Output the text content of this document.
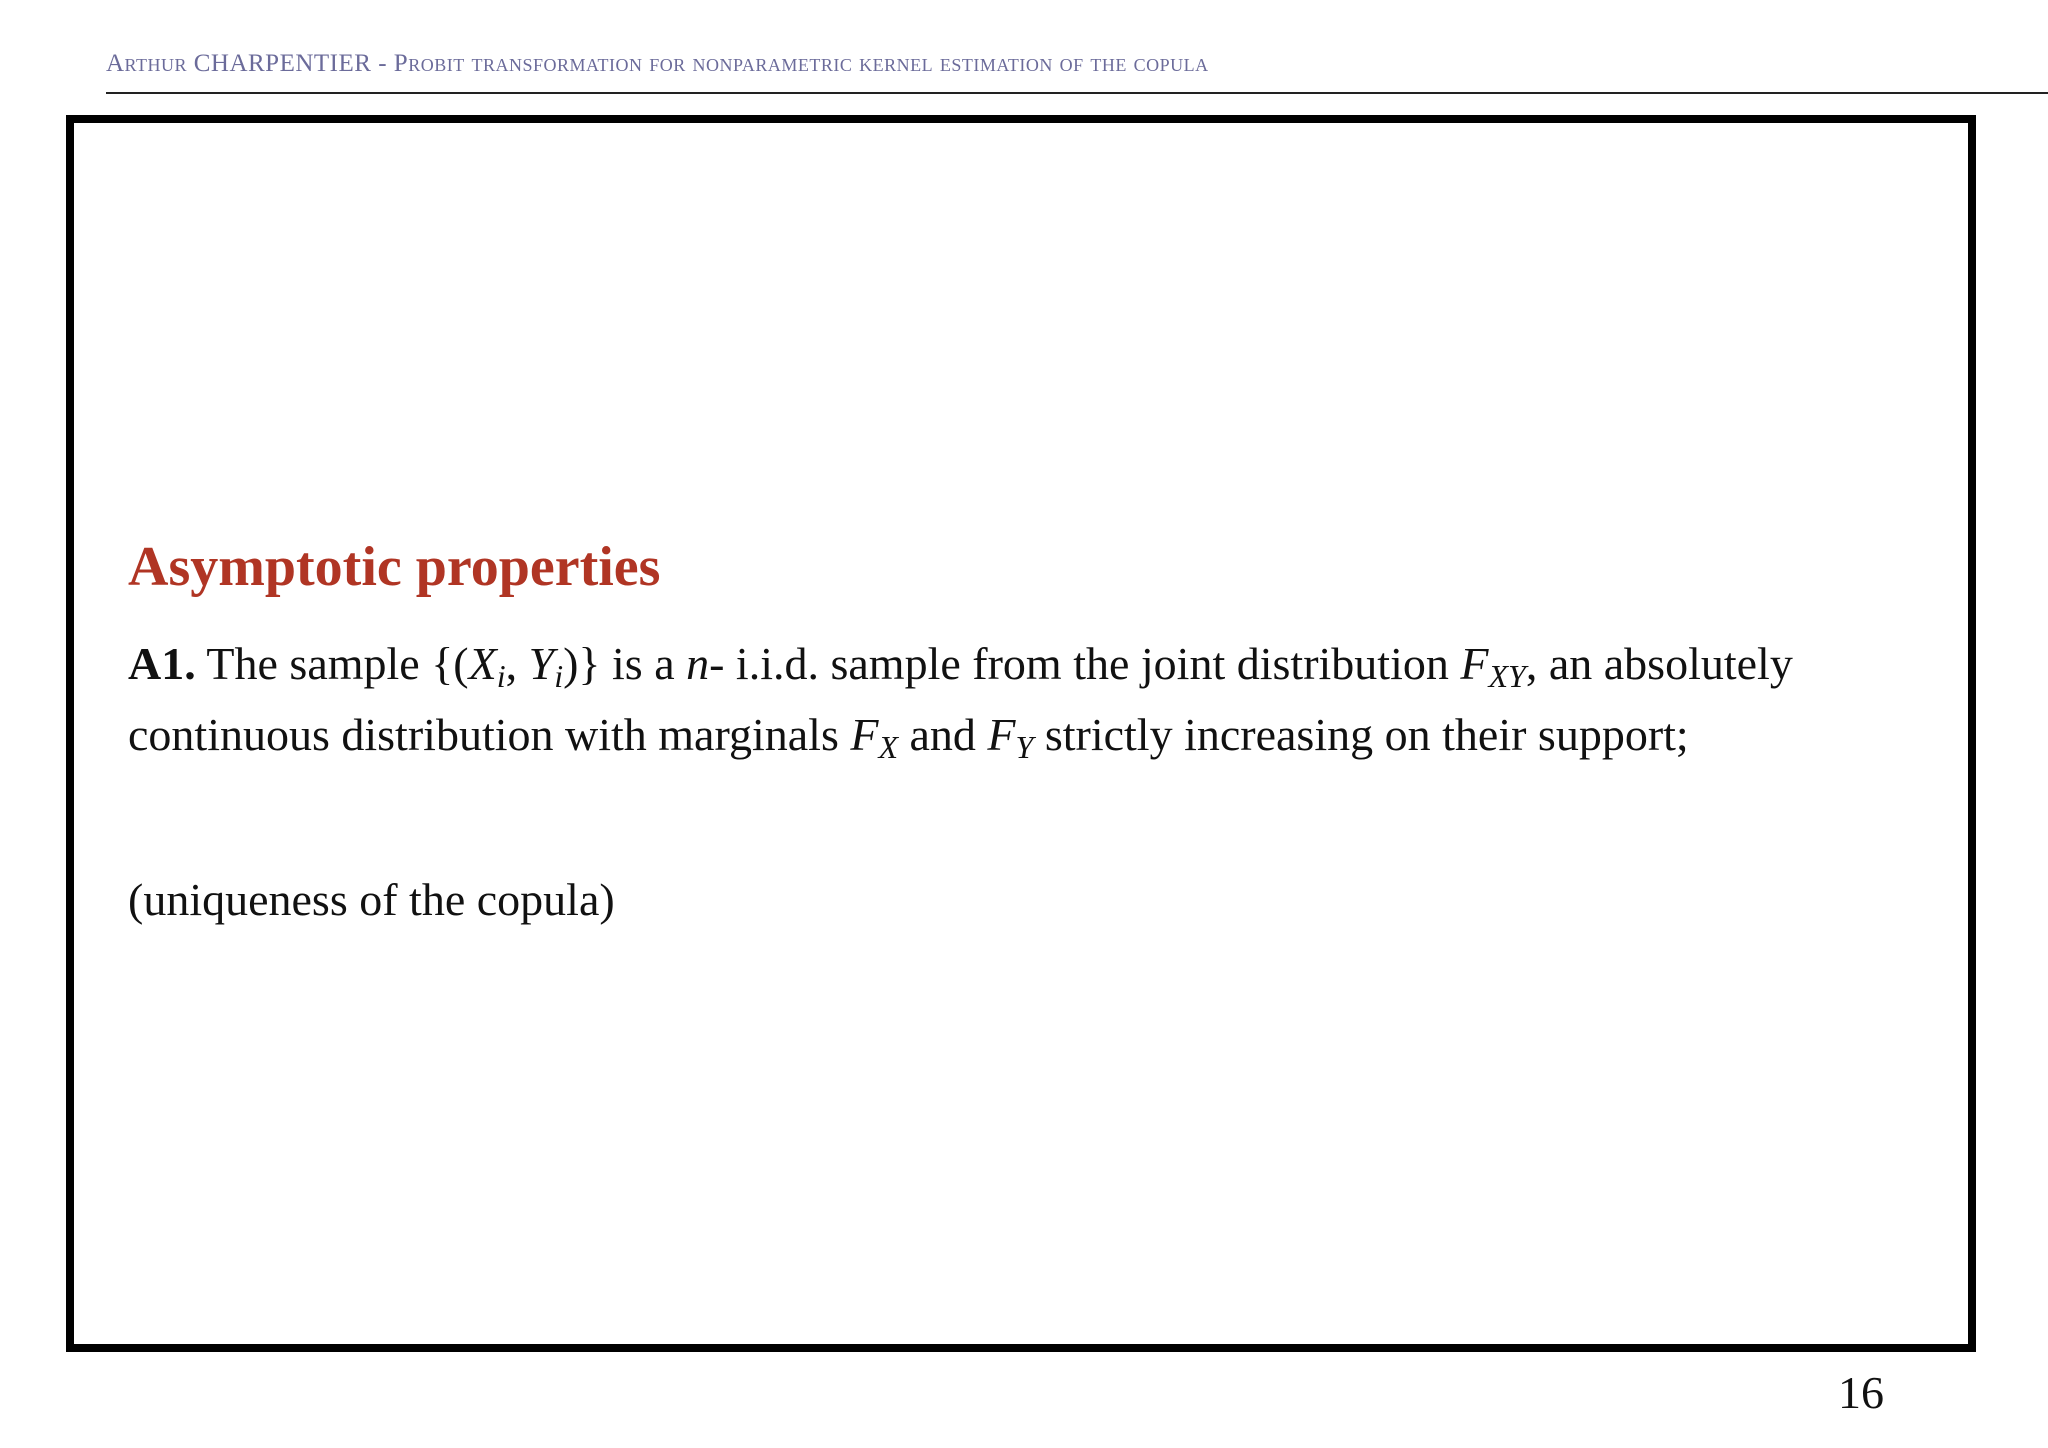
Arthur CHARPENTIER - Probit transformation for nonparametric kernel estimation of the copula
Asymptotic properties
A1. The sample {($X_i$, $Y_i$)} is a n- i.i.d. sample from the joint distribution $F_{XY}$, an absolutely continuous distribution with marginals $F_X$ and $F_Y$ strictly increasing on their support;
(uniqueness of the copula)
16
